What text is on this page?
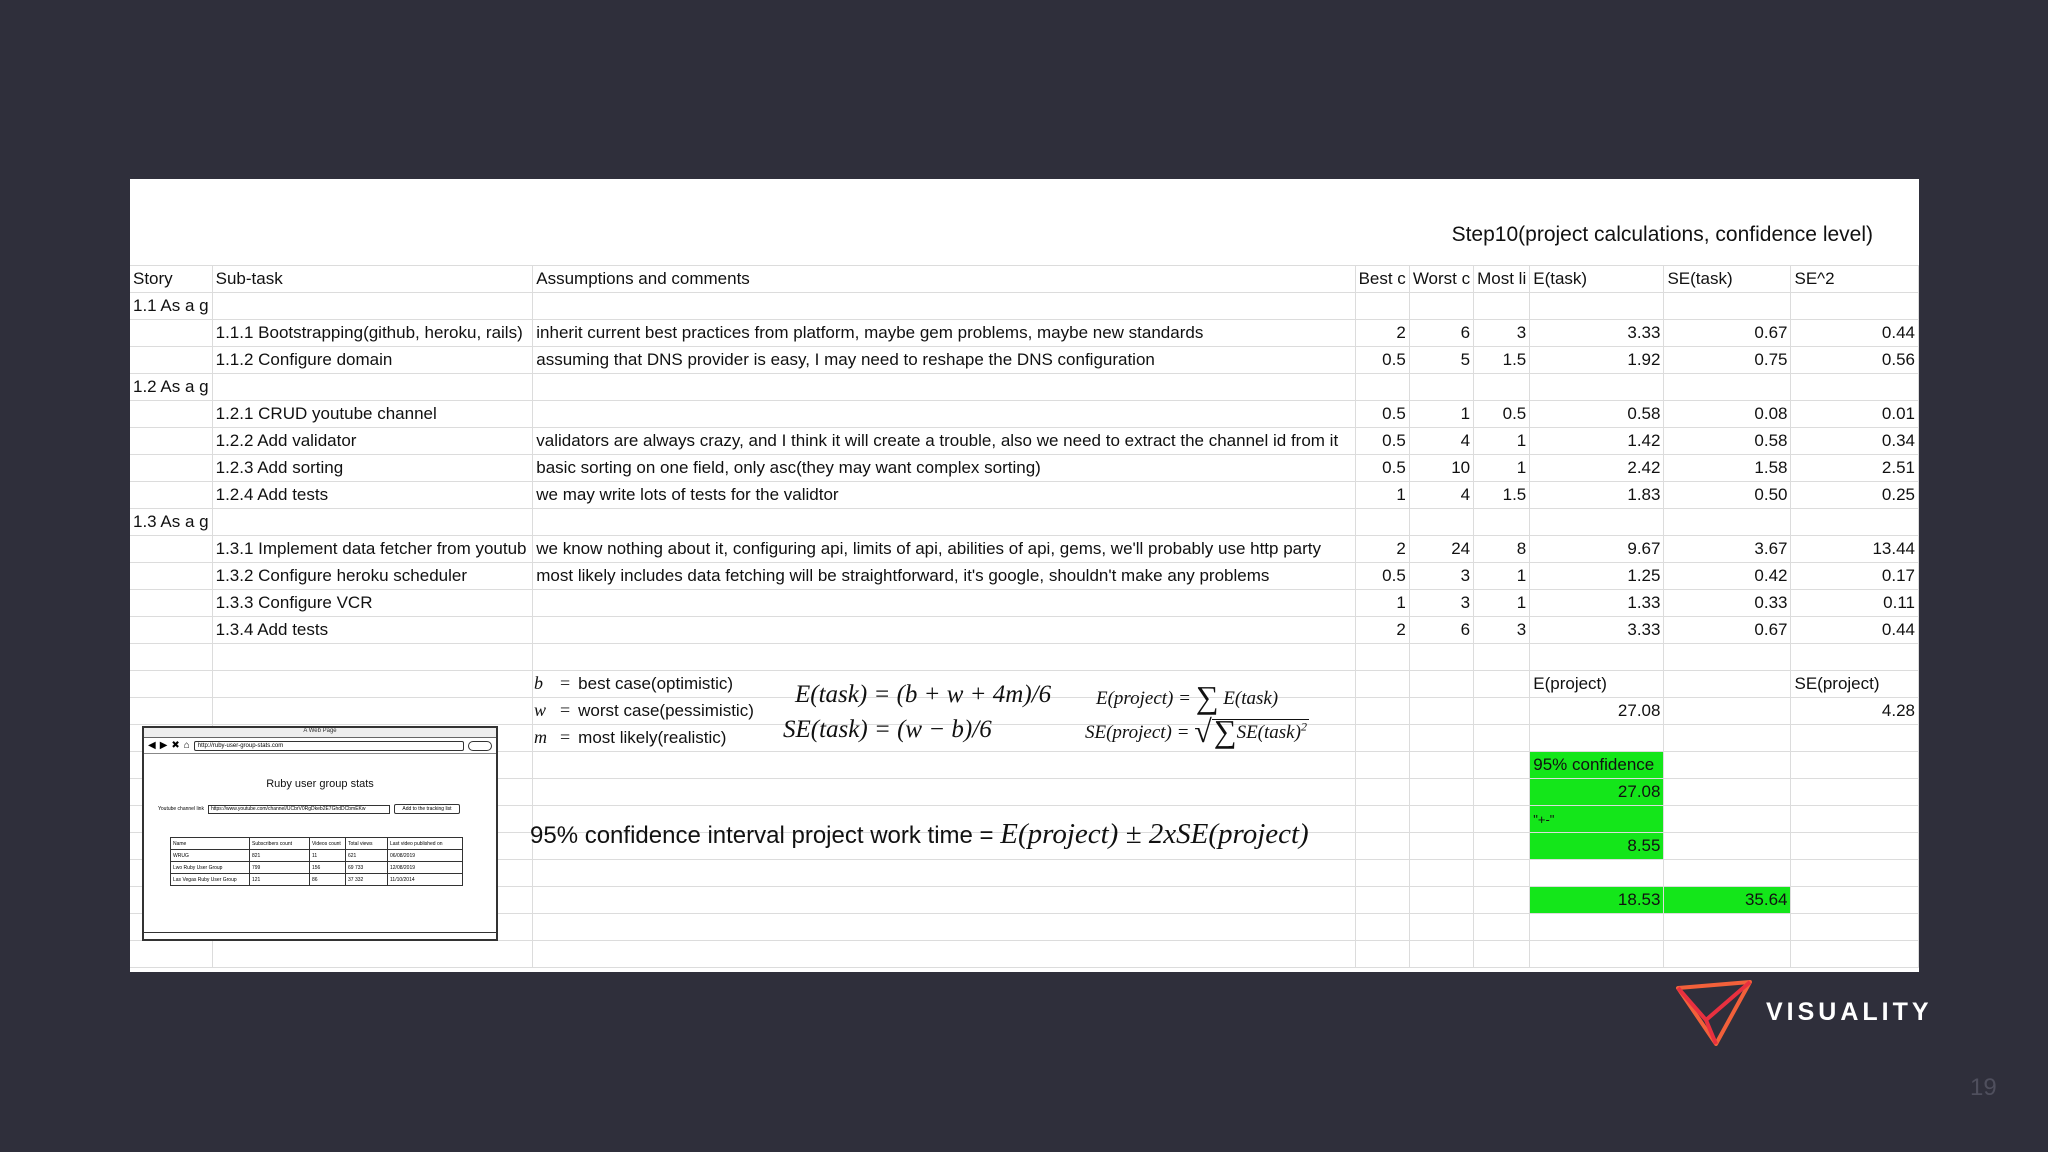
Step10(project calculations, confidence level)
Story	Sub-task	Assumptions and comments	Best c	Worst c	Most li	E(task)	SE(task)	SE^2
1.1 As a g								
	1.1.1 Bootstrapping(github, heroku, rails)	inherit current best practices from platform, maybe gem problems, maybe new standards	2	6	3	3.33	0.67	0.44
	1.1.2 Configure domain	assuming that DNS provider is easy, I may need to reshape the DNS configuration	0.5	5	1.5	1.92	0.75	0.56
1.2 As a g								
	1.2.1 CRUD youtube channel		0.5	1	0.5	0.58	0.08	0.01
	1.2.2 Add validator	validators are always crazy, and I think it will create a trouble, also we need to extract the channel id from it	0.5	4	1	1.42	0.58	0.34
	1.2.3 Add sorting	basic sorting on one field, only asc(they may want complex sorting)	0.5	10	1	2.42	1.58	2.51
	1.2.4 Add tests	we may write lots of tests for the validtor	1	4	1.5	1.83	0.50	0.25
1.3 As a g								
	1.3.1 Implement data fetcher from youtub	we know nothing about it, configuring api, limits of api, abilities of api, gems, we'll probably use http party	2	24	8	9.67	3.67	13.44
	1.3.2 Configure heroku scheduler	most likely includes data fetching will be straightforward, it's google, shouldn't make any problems	0.5	3	1	1.25	0.42	0.17
	1.3.3 Configure VCR		1	3	1	1.33	0.33	0.11
	1.3.4 Add tests		2	6	3	3.33	0.67	0.44

						E(project)		SE(project)
						27.08		4.28

						95% confidence		
						27.08		
						"+-"		
						8.55		

						18.53	35.64	

b = best case(optimistic)
w = worst case(pessimistic)
m = most likely(realistic)
E(task) = (b + w + 4m)/6
SE(task) = (w − b)/6
E(project) = ∑ E(task)
SE(project) = √∑SE(task)$^2$
95% confidence interval project work time = E(project) ± 2xSE(project)
A Web Page
◀ ▶ ✖ ⌂	http://ruby-user-group-stats.com
Ruby user group stats
Youtube channel link	https://www.youtube.com/channel/UCbrV0RgDkeb2E7GhdDCbmEKw	Add to the tracking list
Name	Subscribers count	Videos count	Total views	Last video published on
WRUG	821	11	621	06/08/2019
Lwo Ruby User Group	799	156	69 733	12/08/2019
Las Vegas Ruby User Group	121	86	37 332	11/10/2014
VISUALITY
19
